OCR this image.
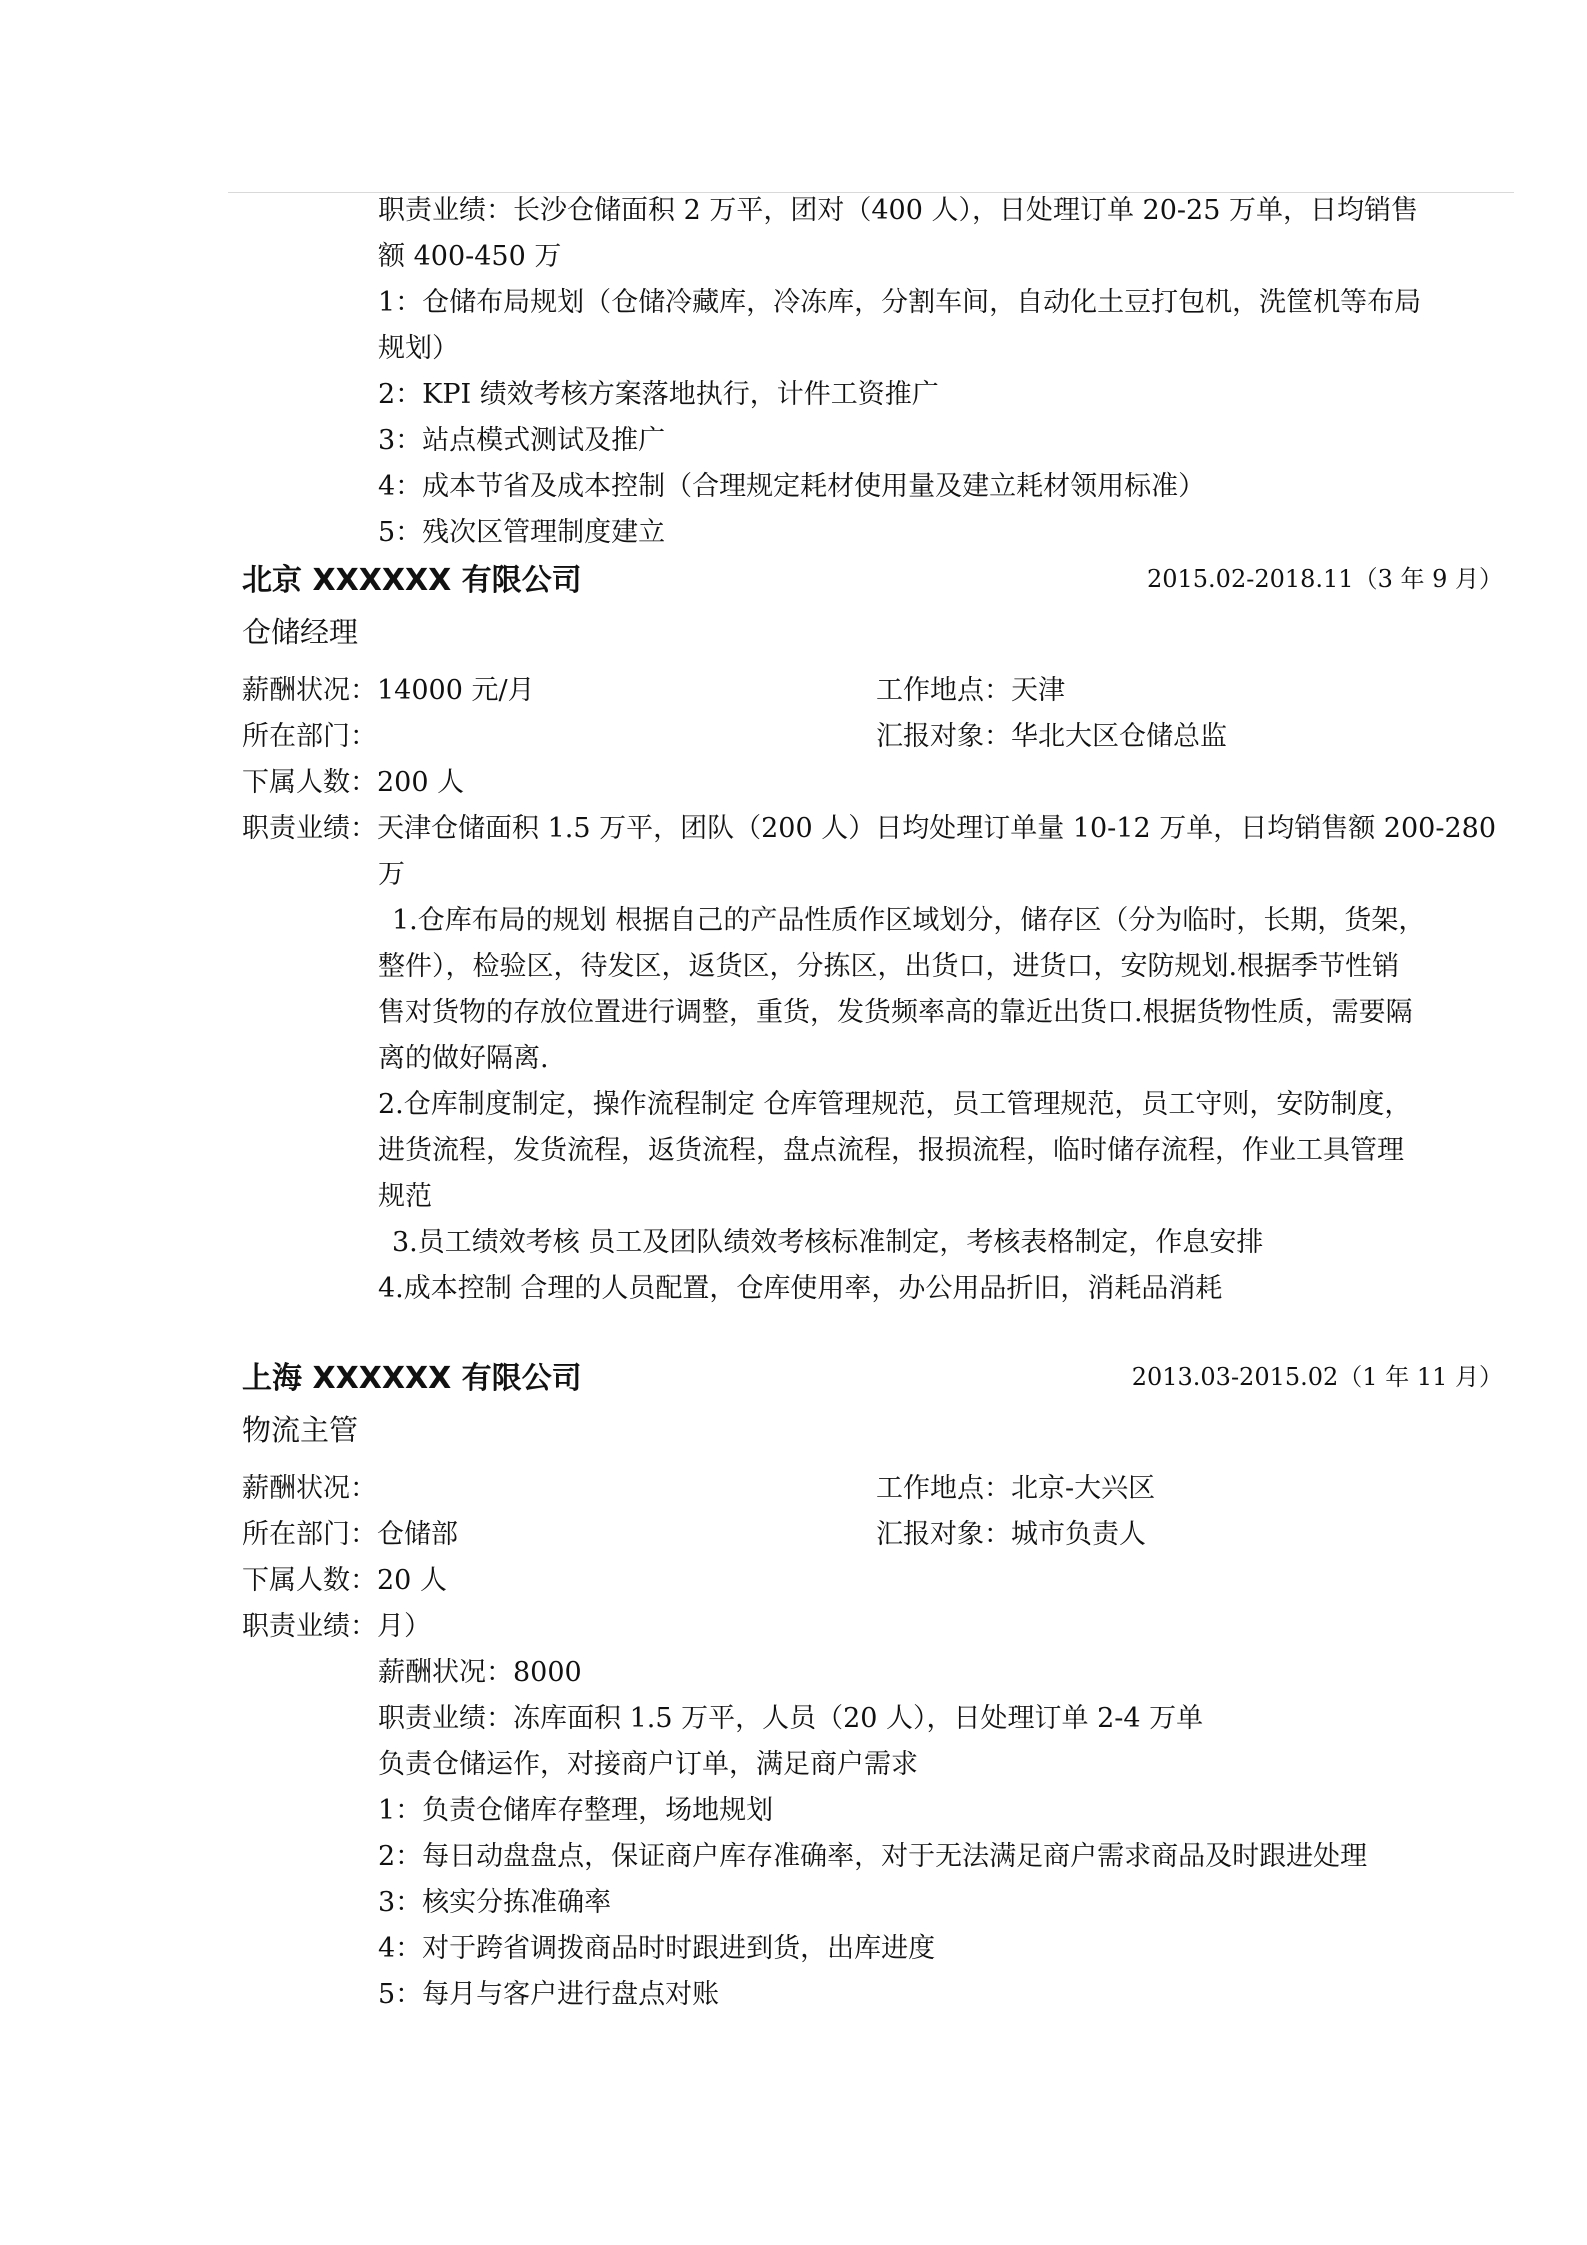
职责业绩：长沙仓储面积 2 万平，团对（400 人），日处理订单 20-25 万单，日均销售
额 400-450 万
1：仓储布局规划（仓储冷藏库，冷冻库，分割车间，自动化土豆打包机，洗筐机等布局
规划）
2：KPI 绩效考核方案落地执行，计件工资推广
3：站点模式测试及推广
4：成本节省及成本控制（合理规定耗材使用量及建立耗材领用标准）
5：残次区管理制度建立
北京 XXXXXX 有限公司	2015.02-2018.11（3 年 9 月）
仓储经理
薪酬状况：14000 元/月	工作地点：天津
所在部门：	汇报对象：华北大区仓储总监
下属人数：200 人
职责业绩：天津仓储面积 1.5 万平，团队（200 人）日均处理订单量 10-12 万单，日均销售额 200-280
万
1.仓库布局的规划 根据自己的产品性质作区域划分，储存区（分为临时，长期，货架，
整件），检验区，待发区，返货区，分拣区，出货口，进货口，安防规划.根据季节性销
售对货物的存放位置进行调整，重货，发货频率高的靠近出货口.根据货物性质，需要隔
离的做好隔离.
2.仓库制度制定，操作流程制定 仓库管理规范，员工管理规范，员工守则，安防制度，
进货流程，发货流程，返货流程，盘点流程，报损流程，临时储存流程，作业工具管理
规范
3.员工绩效考核 员工及团队绩效考核标准制定，考核表格制定，作息安排
4.成本控制 合理的人员配置，仓库使用率，办公用品折旧，消耗品消耗
上海 XXXXXX 有限公司	2013.03-2015.02（1 年 11 月）
物流主管
薪酬状况：	工作地点：北京-大兴区
所在部门：仓储部	汇报对象：城市负责人
下属人数：20 人
职责业绩：月）
薪酬状况：8000
职责业绩：冻库面积 1.5 万平，人员（20 人），日处理订单 2-4 万单
负责仓储运作，对接商户订单，满足商户需求
1：负责仓储库存整理，场地规划
2：每日动盘盘点，保证商户库存准确率，对于无法满足商户需求商品及时跟进处理
3：核实分拣准确率
4：对于跨省调拨商品时时跟进到货，出库进度
5：每月与客户进行盘点对账
